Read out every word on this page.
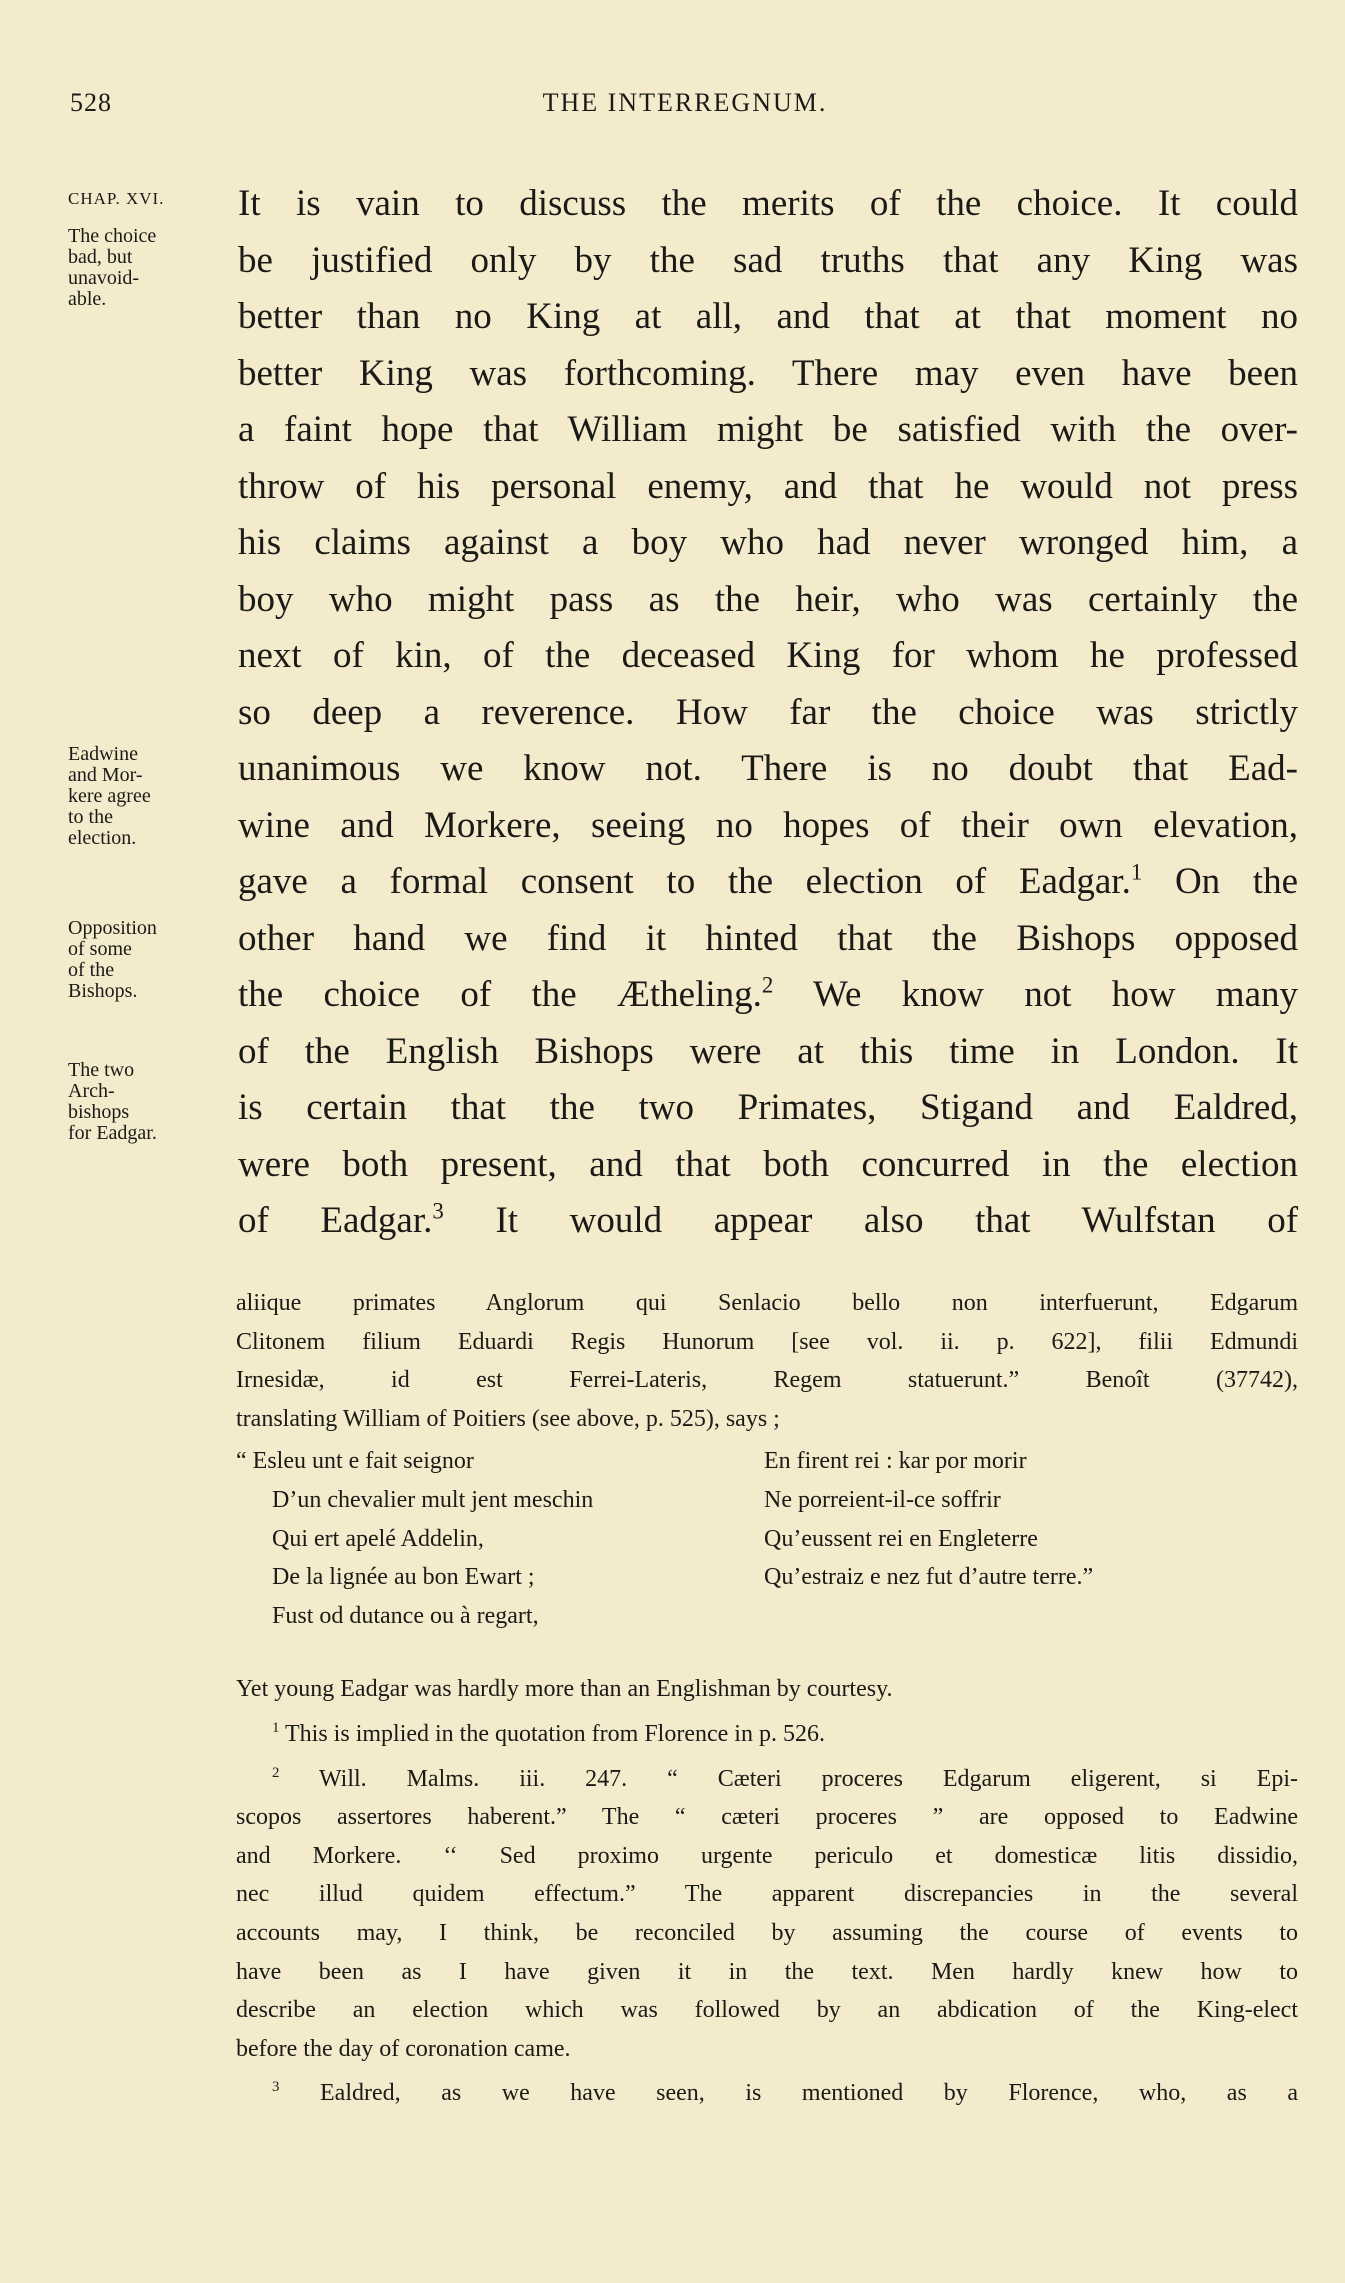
528	THE INTERREGNUM.
CHAP. XVI.
The choice
bad, but
unavoid-
able.
Eadwine
and Mor-
kere agree
to the
election.
Opposition
of some
of the
Bishops.
The two
Arch-
bishops
for Eadgar.
It is vain to discuss the merits of the choice. It could
be justified only by the sad truths that any King was
better than no King at all, and that at that moment no
better King was forthcoming. There may even have been
a faint hope that William might be satisfied with the over-
throw of his personal enemy, and that he would not press
his claims against a boy who had never wronged him, a
boy who might pass as the heir, who was certainly the
next of kin, of the deceased King for whom he professed
so deep a reverence. How far the choice was strictly
unanimous we know not. There is no doubt that Ead-
wine and Morkere, seeing no hopes of their own elevation,
gave a formal consent to the election of Eadgar.$^1$ On the
other hand we find it hinted that the Bishops opposed
the choice of the Ætheling.$^2$ We know not how many
of the English Bishops were at this time in London. It
is certain that the two Primates, Stigand and Ealdred,
were both present, and that both concurred in the election
of Eadgar.$^3$ It would appear also that Wulfstan of
aliique primates Anglorum qui Senlacio bello non interfuerunt, Edgarum
Clitonem filium Eduardi Regis Hunorum [see vol. ii. p. 622], filii Edmundi
Irnesidæ, id est Ferrei-Lateris, Regem statuerunt.” Benoît (37742),
translating William of Poitiers (see above, p. 525), says ;
“ Esleu unt e fait seignor
D’un chevalier mult jent meschin
Qui ert apelé Addelin,
De la lignée au bon Ewart ;
Fust od dutance ou à regart,
En firent rei : kar por morir
Ne porreient-il-ce soffrir
Qu’eussent rei en Engleterre
Qu’estraiz e nez fut d’autre terre.”
Yet young Eadgar was hardly more than an Englishman by courtesy.
$^1$ This is implied in the quotation from Florence in p. 526.
$^2$ Will. Malms. iii. 247. “ Cæteri proceres Edgarum eligerent, si Epi-
scopos assertores haberent.” The “ cæteri proceres ” are opposed to Eadwine
and Morkere. ‘‘ Sed proximo urgente periculo et domesticæ litis dissidio,
nec illud quidem effectum.” The apparent discrepancies in the several
accounts may, I think, be reconciled by assuming the course of events to
have been as I have given it in the text. Men hardly knew how to
describe an election which was followed by an abdication of the King-elect
before the day of coronation came.
$^3$ Ealdred, as we have seen, is mentioned by Florence, who, as a
